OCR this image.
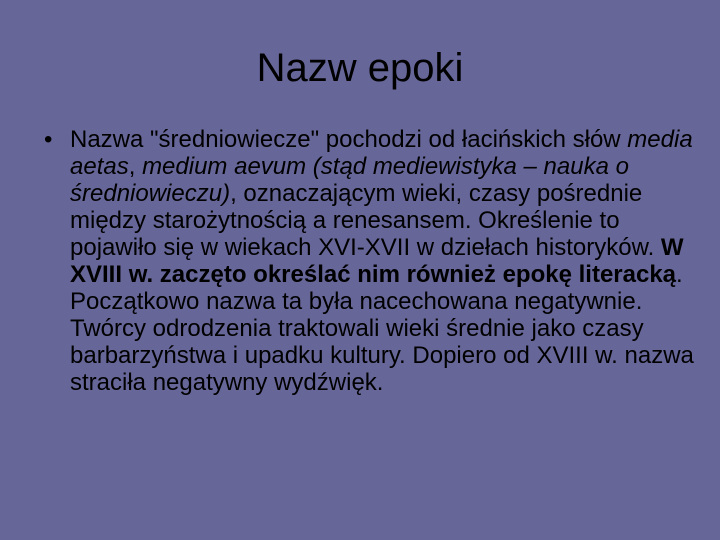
Nazw epoki
• Nazwa "średniowiecze" pochodzi od łacińskich słów media aetas, medium aevum (stąd mediewistyka – nauka o średniowieczu), oznaczającym wieki, czasy pośrednie między starożytnością a renesansem. Określenie to pojawiło się w wiekach XVI-XVII w dziełach historyków. W XVIII w. zaczęto określać nim również epokę literacką. Początkowo nazwa ta była nacechowana negatywnie. Twórcy odrodzenia traktowali wieki średnie jako czasy barbarzyństwa i upadku kultury. Dopiero od XVIII w. nazwa straciła negatywny wydźwięk.
